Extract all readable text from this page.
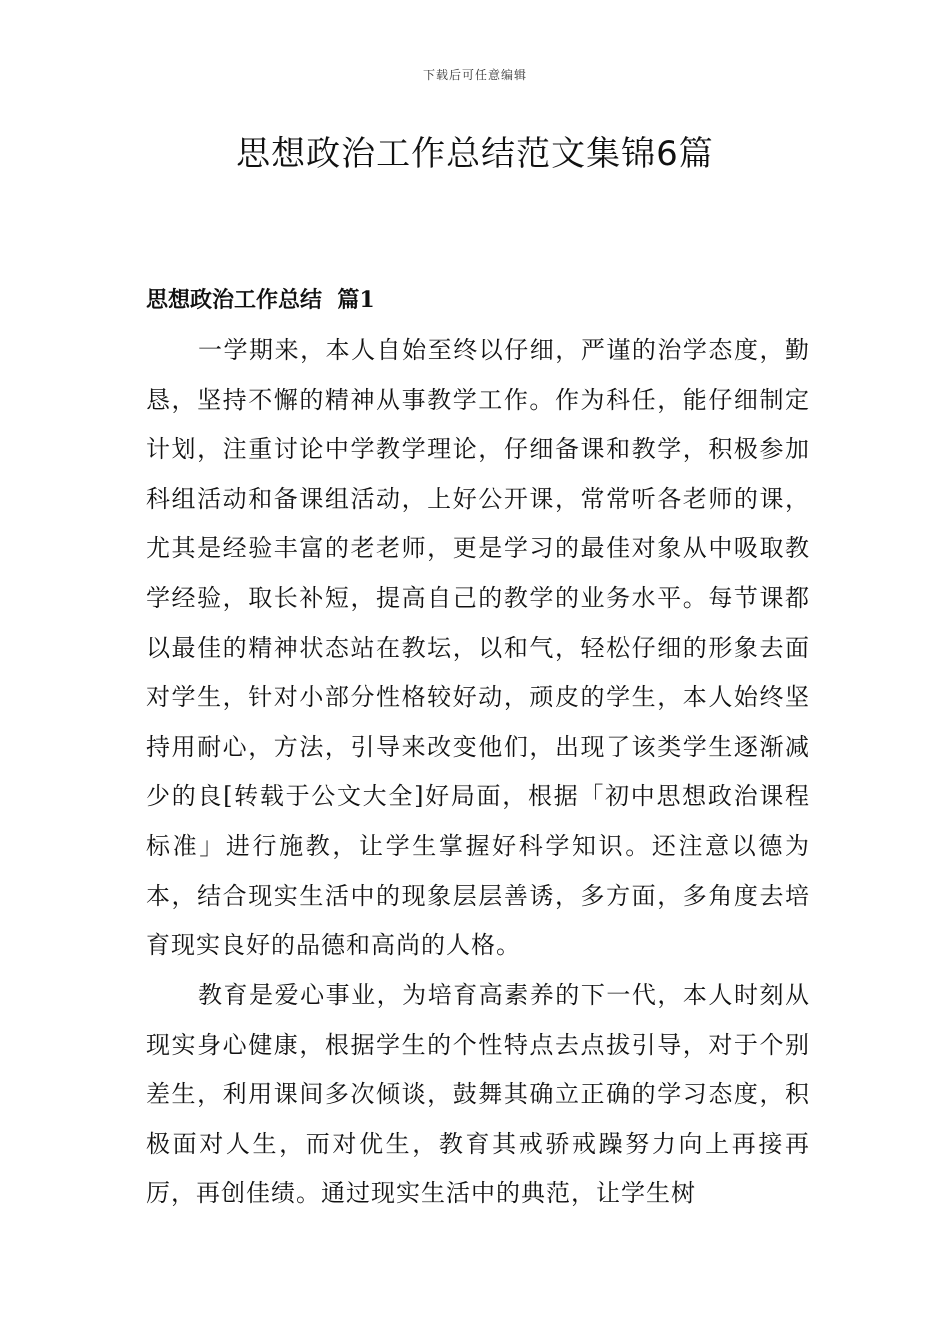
下载后可任意编辑
思想政治工作总结范文集锦6篇
思想政治工作总结  篇1

一学期来，本人自始至终以仔细，严谨的治学态度，勤恳，坚持不懈的精神从事教学工作。作为科任，能仔细制定计划，注重讨论中学教学理论，仔细备课和教学，积极参加科组活动和备课组活动，上好公开课，常常听各老师的课，尤其是经验丰富的老老师，更是学习的最佳对象从中吸取教学经验，取长补短，提高自己的教学的业务水平。每节课都以最佳的精神状态站在教坛，以和气，轻松仔细的形象去面对学生，针对小部分性格较好动，顽皮的学生，本人始终坚持用耐心，方法，引导来改变他们，出现了该类学生逐渐减少的良[转载于公文大全]好局面，根据「初中思想政治课程标准」进行施教，让学生掌握好科学知识。还注意以德为本，结合现实生活中的现象层层善诱，多方面，多角度去培育现实良好的品德和高尚的人格。

教育是爱心事业，为培育高素养的下一代，本人时刻从现实身心健康，根据学生的个性特点去点拔引导，对于个别差生，利用课间多次倾谈，鼓舞其确立正确的学习态度，积极面对人生，而对优生，教育其戒骄戒躁努力向上再接再厉，再创佳绩。通过现实生活中的典范，让学生树
